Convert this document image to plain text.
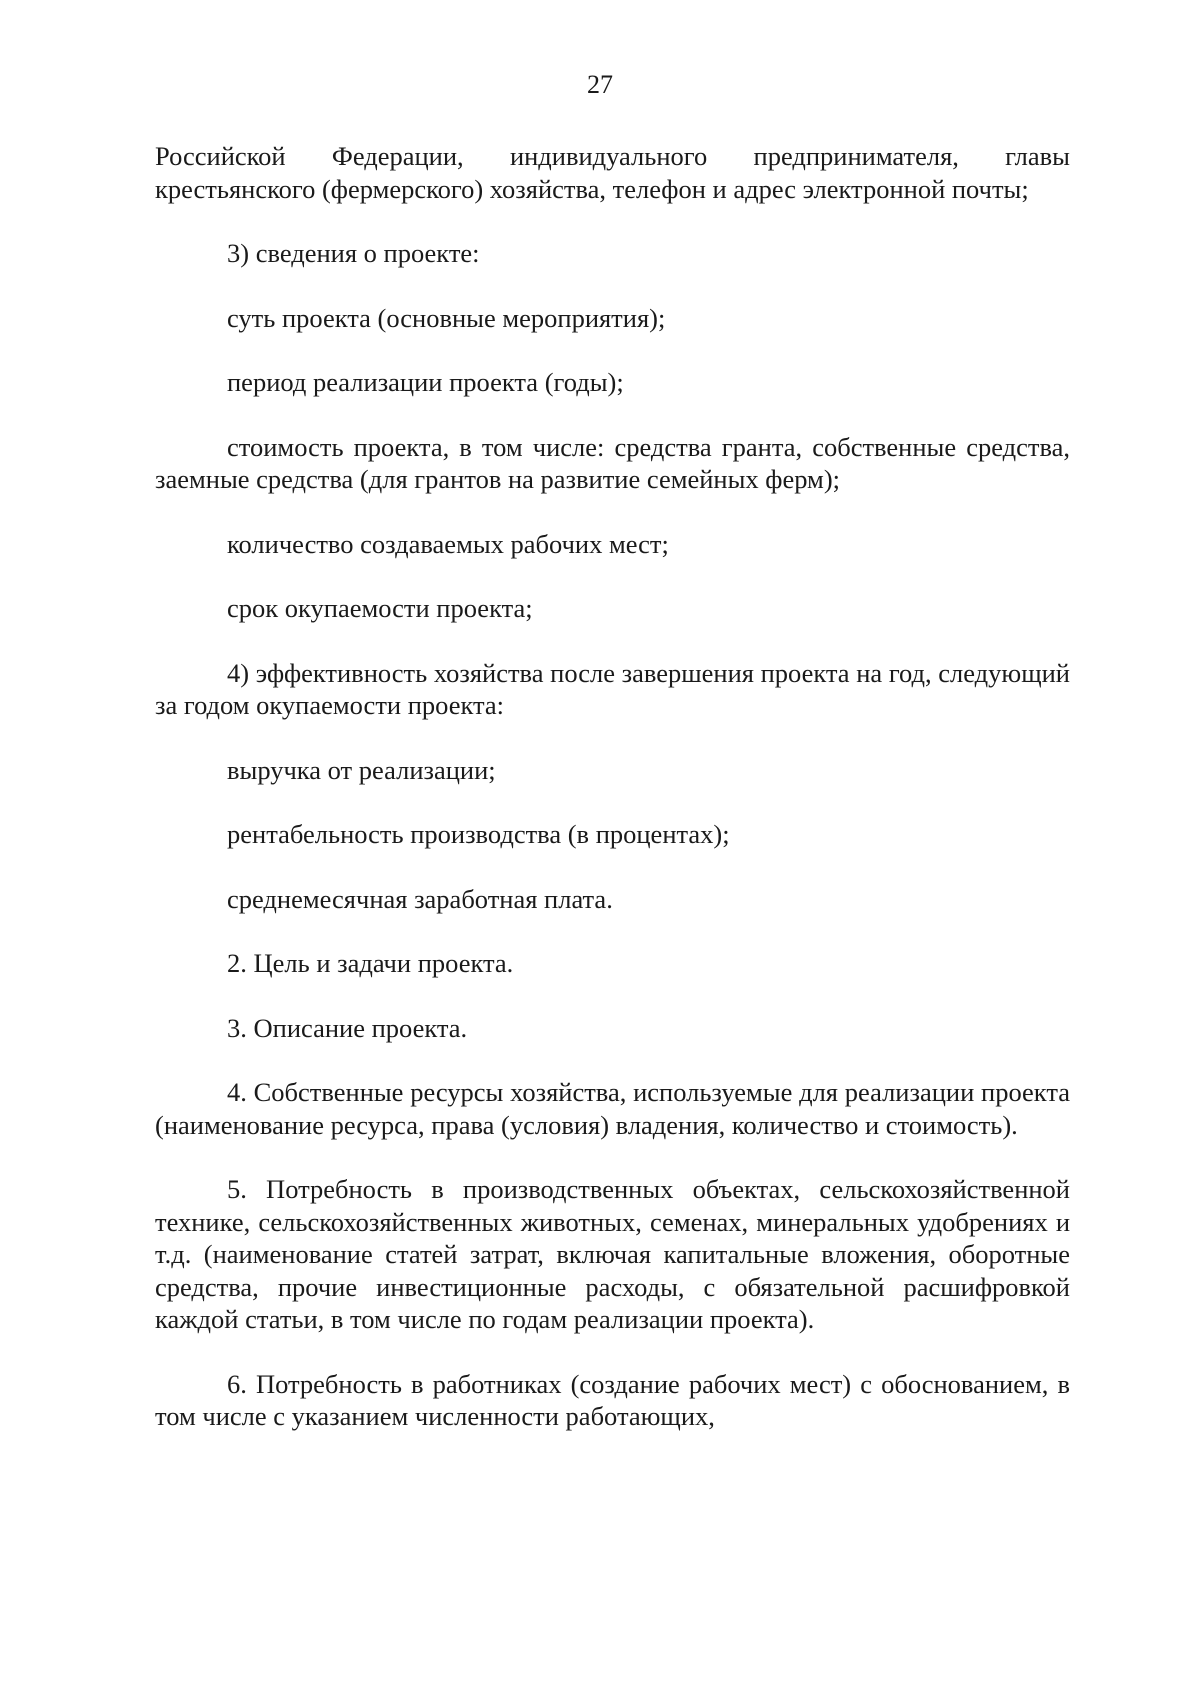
27

Российской Федерации, индивидуального предпринимателя, главы крестьянского (фермерского) хозяйства, телефон и адрес электронной почты;

3) сведения о проекте:

суть проекта (основные мероприятия);

период реализации проекта (годы);

стоимость проекта, в том числе: средства гранта, собственные средства, заемные средства (для грантов на развитие семейных ферм);

количество создаваемых рабочих мест;

срок окупаемости проекта;

4) эффективность хозяйства после завершения проекта на год, следующий за годом окупаемости проекта:

выручка от реализации;

рентабельность производства (в процентах);

среднемесячная заработная плата.

2. Цель и задачи проекта.

3. Описание проекта.

4. Собственные ресурсы хозяйства, используемые для реализации проекта (наименование ресурса, права (условия) владения, количество и стоимость).

5. Потребность в производственных объектах, сельскохозяйственной технике, сельскохозяйственных животных, семенах, минеральных удобрениях и т.д. (наименование статей затрат, включая капитальные вложения, оборотные средства, прочие инвестиционные расходы, с обязательной расшифровкой каждой статьи, в том числе по годам реализации проекта).

6. Потребность в работниках (создание рабочих мест) с обоснованием, в том числе с указанием численности работающих,
